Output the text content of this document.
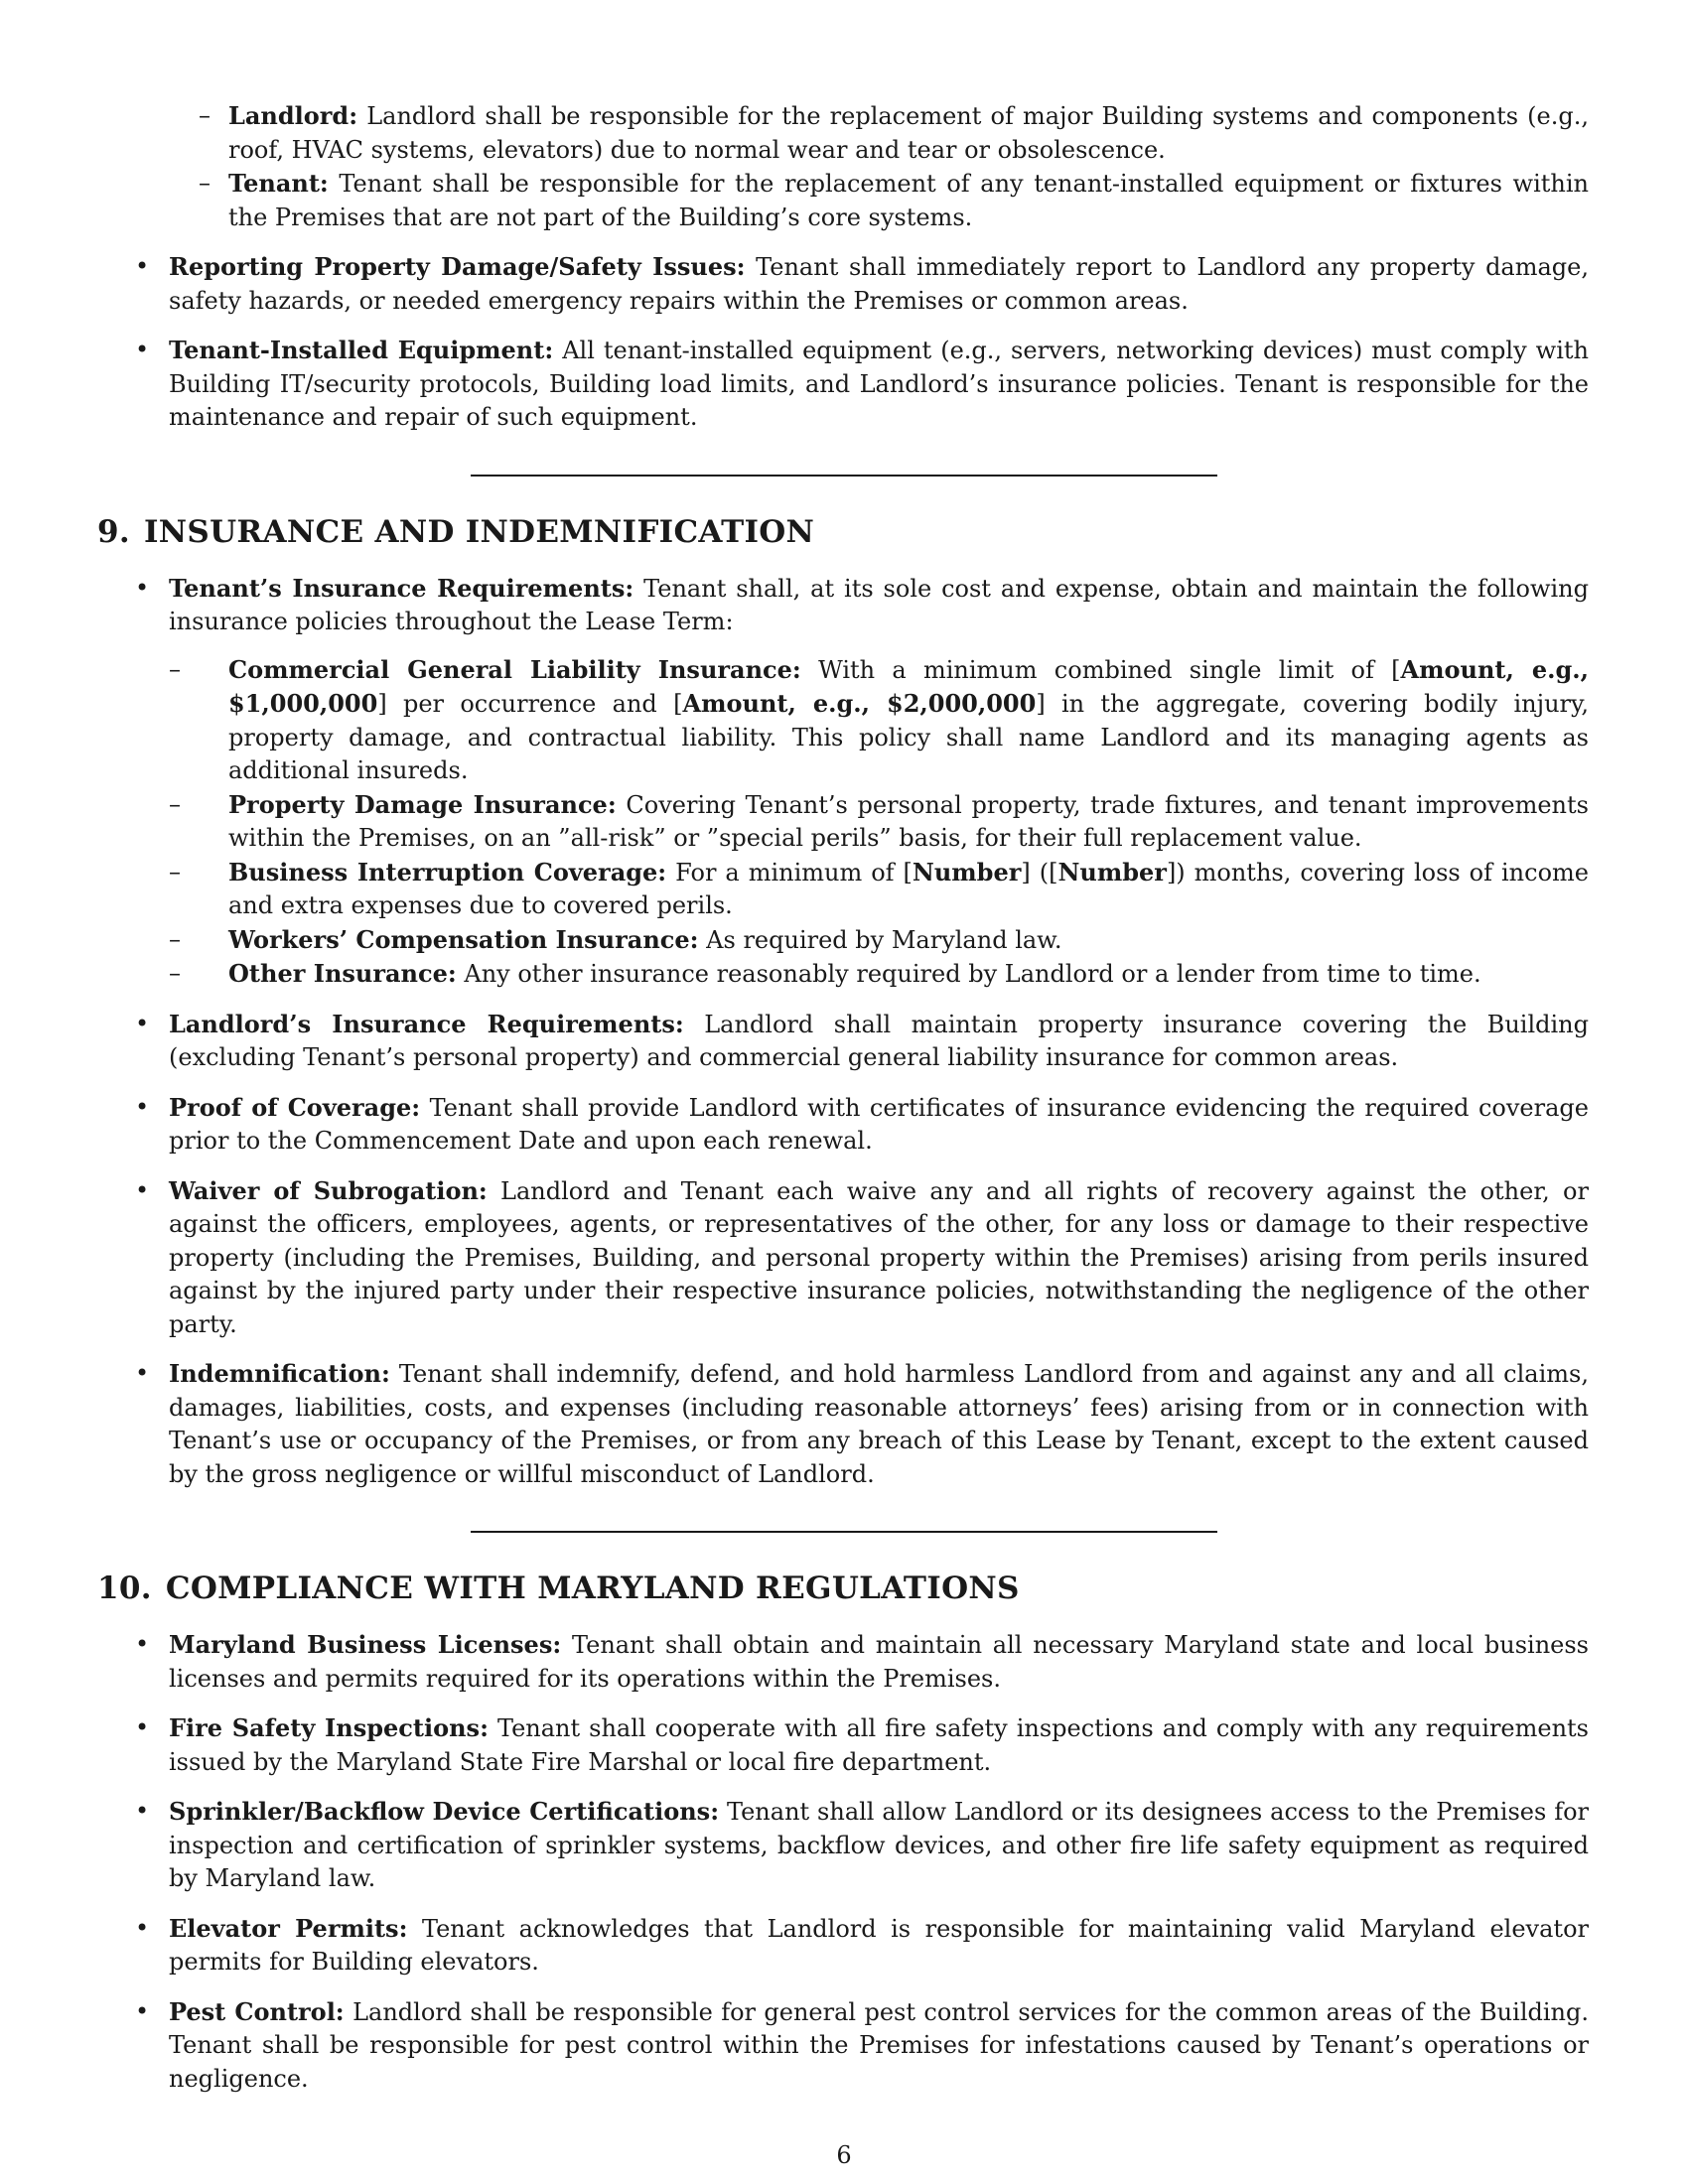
– Landlord: Landlord shall be responsible for the replacement of major Building systems and components (e.g., roof, HVAC systems, elevators) due to normal wear and tear or obsolescence.
– Tenant: Tenant shall be responsible for the replacement of any tenant-installed equipment or fixtures within the Premises that are not part of the Building’s core systems.
• Reporting Property Damage/Safety Issues: Tenant shall immediately report to Landlord any property damage, safety hazards, or needed emergency repairs within the Premises or common areas.
• Tenant-Installed Equipment: All tenant-installed equipment (e.g., servers, networking devices) must comply with Building IT/security protocols, Building load limits, and Landlord’s insurance policies. Tenant is responsible for the maintenance and repair of such equipment.
9. INSURANCE AND INDEMNIFICATION
• Tenant’s Insurance Requirements: Tenant shall, at its sole cost and expense, obtain and maintain the following insurance policies throughout the Lease Term:
– Commercial General Liability Insurance: With a minimum combined single limit of [Amount, e.g., $1,000,000] per occurrence and [Amount, e.g., $2,000,000] in the aggregate, covering bodily injury, property damage, and contractual liability. This policy shall name Landlord and its managing agents as additional insureds.
– Property Damage Insurance: Covering Tenant’s personal property, trade fixtures, and tenant improvements within the Premises, on an ”all-risk” or ”special perils” basis, for their full replacement value.
– Business Interruption Coverage: For a minimum of [Number] ([Number]) months, covering loss of income and extra expenses due to covered perils.
– Workers’ Compensation Insurance: As required by Maryland law.
– Other Insurance: Any other insurance reasonably required by Landlord or a lender from time to time.
• Landlord’s Insurance Requirements: Landlord shall maintain property insurance covering the Building (excluding Tenant’s personal property) and commercial general liability insurance for common areas.
• Proof of Coverage: Tenant shall provide Landlord with certificates of insurance evidencing the required coverage prior to the Commencement Date and upon each renewal.
• Waiver of Subrogation: Landlord and Tenant each waive any and all rights of recovery against the other, or against the officers, employees, agents, or representatives of the other, for any loss or damage to their respective property (including the Premises, Building, and personal property within the Premises) arising from perils insured against by the injured party under their respective insurance policies, notwithstanding the negligence of the other party.
• Indemnification: Tenant shall indemnify, defend, and hold harmless Landlord from and against any and all claims, damages, liabilities, costs, and expenses (including reasonable attorneys’ fees) arising from or in connection with Tenant’s use or occupancy of the Premises, or from any breach of this Lease by Tenant, except to the extent caused by the gross negligence or willful misconduct of Landlord.
10. COMPLIANCE WITH MARYLAND REGULATIONS
• Maryland Business Licenses: Tenant shall obtain and maintain all necessary Maryland state and local business licenses and permits required for its operations within the Premises.
• Fire Safety Inspections: Tenant shall cooperate with all fire safety inspections and comply with any requirements issued by the Maryland State Fire Marshal or local fire department.
• Sprinkler/Backflow Device Certifications: Tenant shall allow Landlord or its designees access to the Premises for inspection and certification of sprinkler systems, backflow devices, and other fire life safety equipment as required by Maryland law.
• Elevator Permits: Tenant acknowledges that Landlord is responsible for maintaining valid Maryland elevator permits for Building elevators.
• Pest Control: Landlord shall be responsible for general pest control services for the common areas of the Building. Tenant shall be responsible for pest control within the Premises for infestations caused by Tenant’s operations or negligence.
6
